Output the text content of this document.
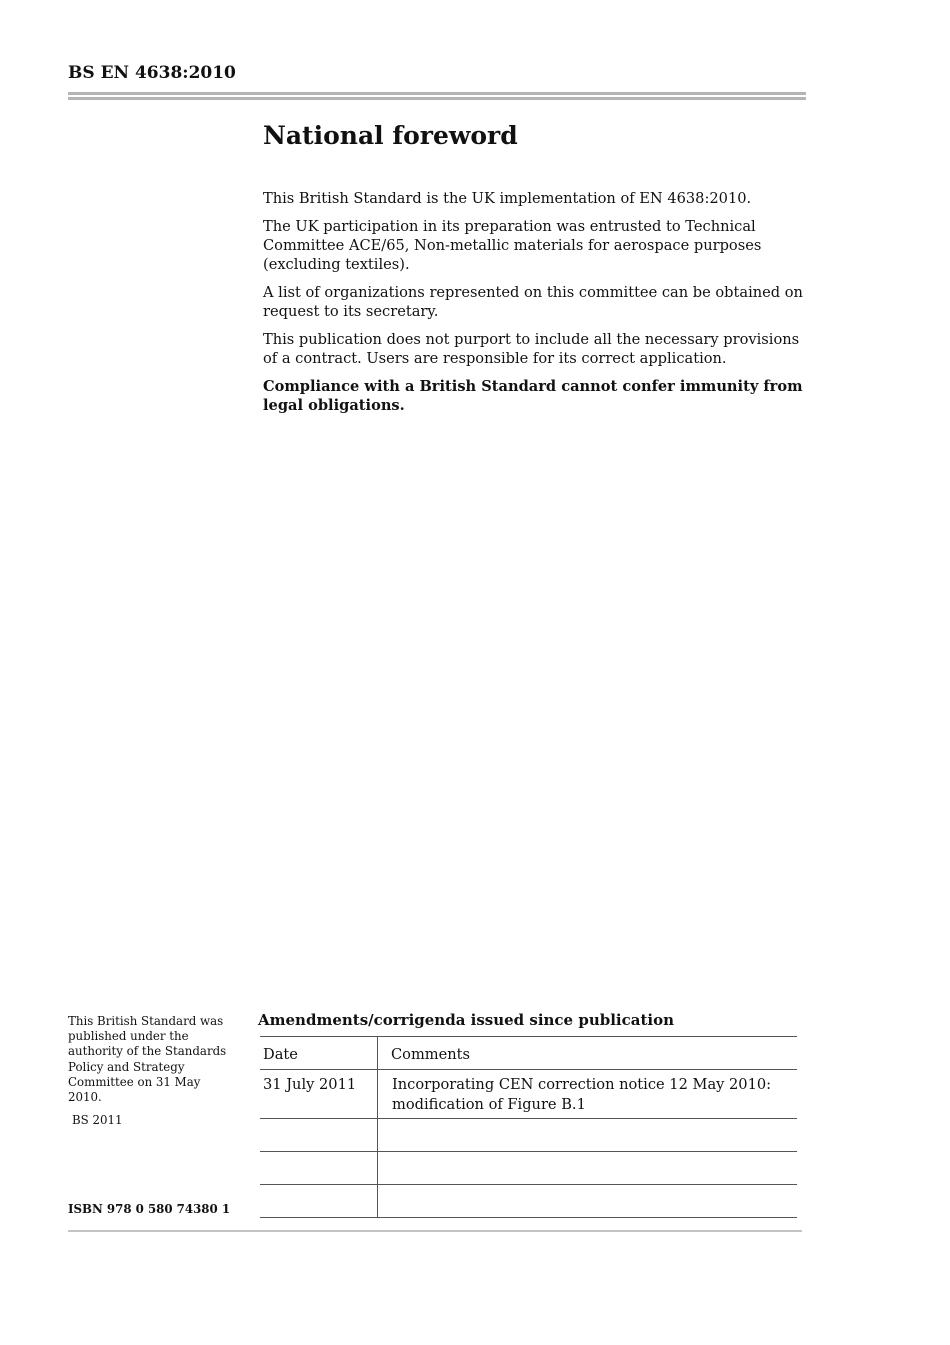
BS EN 4638:2010
National foreword

This British Standard is the UK implementation of EN 4638:2010.

The UK participation in its preparation was entrusted to Technical Committee ACE/65, Non-metallic materials for aerospace purposes (excluding textiles).

A list of organizations represented on this committee can be obtained on request to its secretary.

This publication does not purport to include all the necessary provisions of a contract. Users are responsible for its correct application.

Compliance with a British Standard cannot confer immunity from legal obligations.

This British Standard was published under the authority of the Standards Policy and Strategy Committee on 31 May 2010.
BS 2011
ISBN 978 0 580 74380 1
Amendments/corrigenda issued since publication
Date	Comments

31 July 2011	Incorporating CEN correction notice 12 May 2010: modification of Figure B.1
